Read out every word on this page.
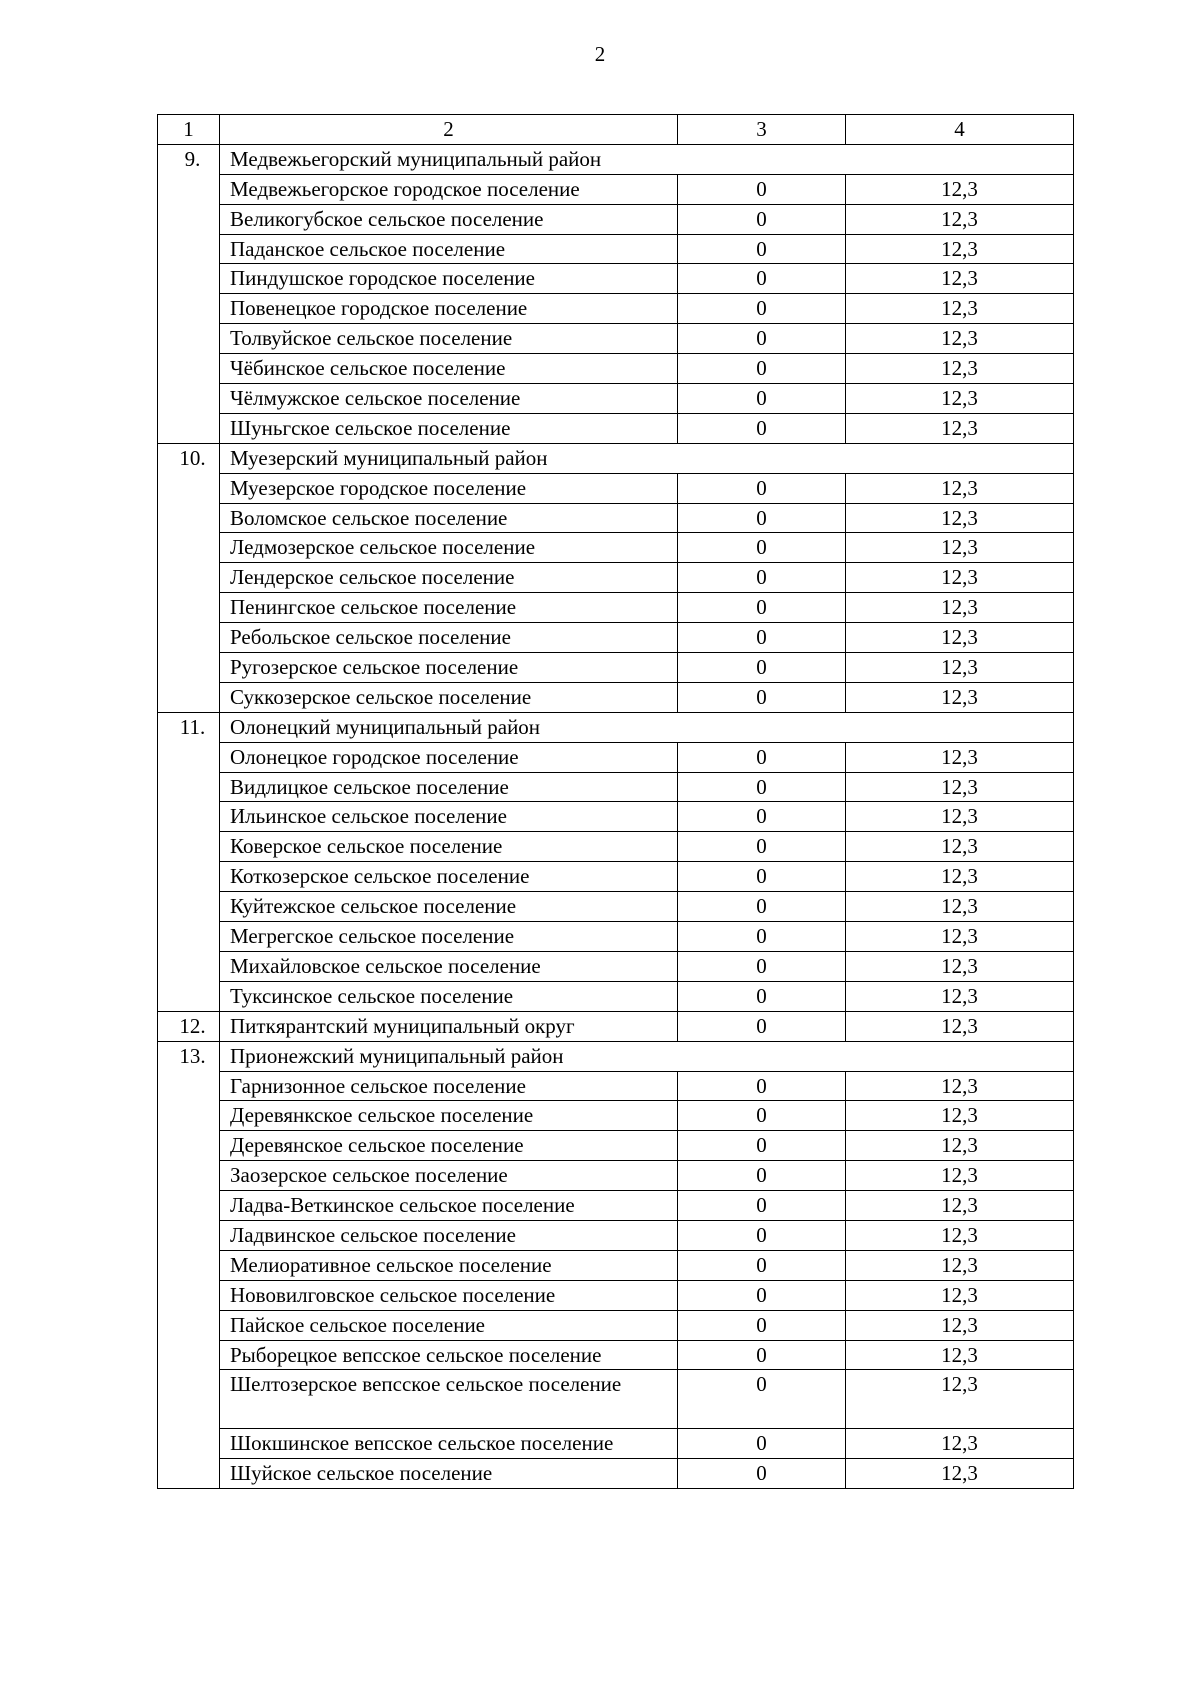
2
1	2	3	4
9.	Медвежьегорский муниципальный район		
	Медвежьегорское городское поселение	0	12,3
	Великогубское сельское поселение	0	12,3
	Паданское сельское поселение	0	12,3
	Пиндушское городское поселение	0	12,3
	Повенецкое городское поселение	0	12,3
	Толвуйское сельское поселение	0	12,3
	Чёбинское сельское поселение	0	12,3
	Чёлмужское сельское поселение	0	12,3
	Шуньгское сельское поселение	0	12,3
10.	Муезерский муниципальный район		
	Муезерское городское поселение	0	12,3
	Воломское сельское поселение	0	12,3
	Ледмозерское сельское поселение	0	12,3
	Лендерское сельское поселение	0	12,3
	Пенингское сельское поселение	0	12,3
	Ребольское сельское поселение	0	12,3
	Ругозерское сельское поселение	0	12,3
	Суккозерское сельское поселение	0	12,3
11.	Олонецкий муниципальный район		
	Олонецкое городское поселение	0	12,3
	Видлицкое сельское поселение	0	12,3
	Ильинское сельское поселение	0	12,3
	Коверское сельское поселение	0	12,3
	Коткозерское сельское поселение	0	12,3
	Куйтежское сельское поселение	0	12,3
	Мегрегское сельское поселение	0	12,3
	Михайловское сельское поселение	0	12,3
	Туксинское сельское поселение	0	12,3
12.	Питкярантский муниципальный округ	0	12,3
13.	Прионежский муниципальный район		
	Гарнизонное сельское поселение	0	12,3
	Деревянкское сельское поселение	0	12,3
	Деревянское сельское поселение	0	12,3
	Заозерское сельское поселение	0	12,3
	Ладва-Веткинское сельское поселение	0	12,3
	Ладвинское сельское поселение	0	12,3
	Мелиоративное сельское поселение	0	12,3
	Нововилговское сельское поселение	0	12,3
	Пайское сельское поселение	0	12,3
	Рыборецкое вепсское сельское поселение	0	12,3
	Шелтозерское вепсское сельское поселение	0	12,3
	Шокшинское вепсское сельское поселение	0	12,3
	Шуйское сельское поселение	0	12,3
